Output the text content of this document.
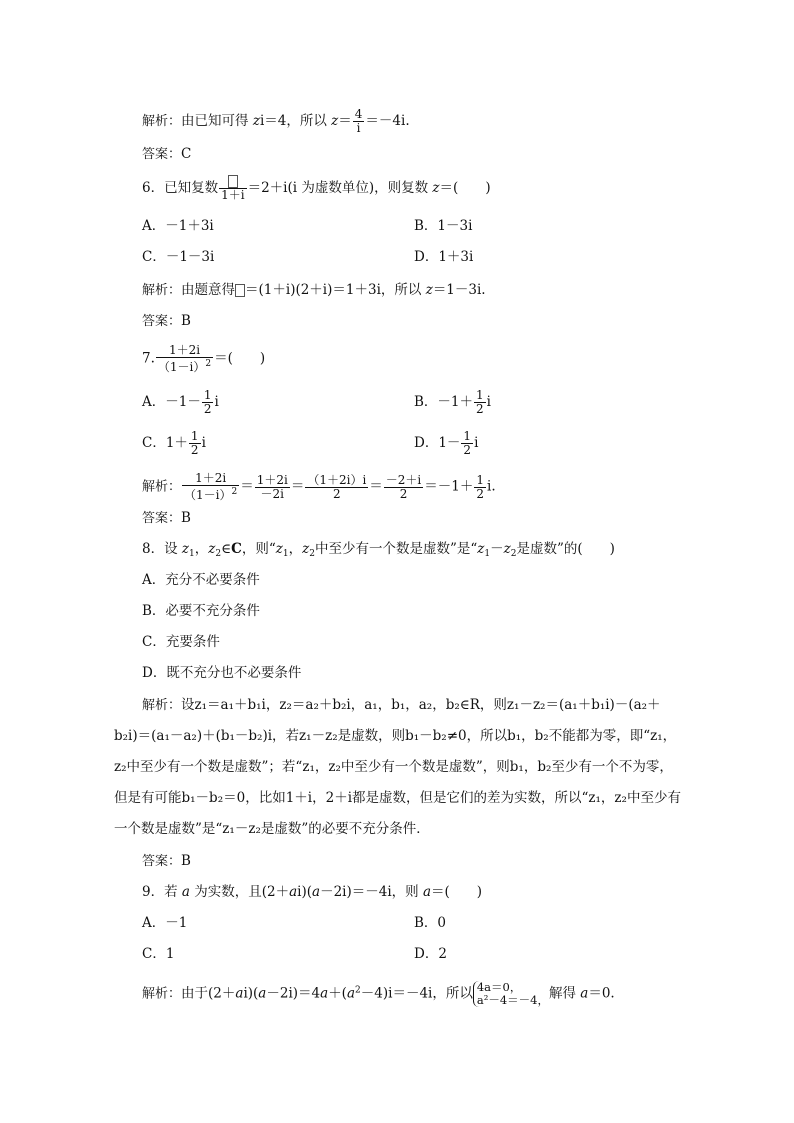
解析：由已知可得 zi＝4，所以 $z= \frac{4}{i} =-4i$.
答案：C
6．已知复数 1＋i ＝2＋i(i 为虚数单位)，则复数 z＝(　　)
A．－1＋3i	B．1－3i
C．－1－3i	D．1＋3i
解析：由题意得 ＝(1＋i)(2＋i)＝1＋3i，所以 z＝1－3i.
答案：B
7. $\frac{1+2i}{(1-i)^2}$ ＝(　　)
A．$-1- \frac{1}{2}$ i	B．$-1+ \frac{1}{2}$ i
C．$1+ \frac{1}{2}$ i	D．$1- \frac{1}{2}$ i
解析： $\frac{1+2i}{(1-i)^2} = \frac{1+2i}{-2i} = \frac{(1+2i)i}{2} = \frac{-2+i}{2} =-1+ \frac{1}{2} i$.
答案：B
8．设 $z_1$，$z_2\in C$，则“$z_1$，$z_2$中至少有一个数是虚数”是“$z_1-z_2$是虚数”的(　　)
A．充分不必要条件
B．必要不充分条件
C．充要条件
D．既不充分也不必要条件
解析：设z₁＝a₁＋b₁i，z₂＝a₂＋b₂i，a₁，b₁，a₂，b₂∈R，则z₁－z₂＝(a₁＋b₁i)－(a₂＋b₂i)＝(a₁－a₂)＋(b₁－b₂)i，若z₁－z₂是虚数，则b₁－b₂≠0，所以b₁，b₂不能都为零，即“z₁，z₂中至少有一个数是虚数”；若“z₁，z₂中至少有一个数是虚数”，则b₁，b₂至少有一个不为零，但是有可能b₁－b₂＝0，比如1＋i，2＋i都是虚数，但是它们的差为实数，所以“z₁，z₂中至少有一个数是虚数”是“z₁－z₂是虚数”的必要不充分条件．
答案：B
9．若 a 为实数，且(2＋ai)(a－2i)＝－4i，则 a＝(　　)
A．－1	B．0
C．1	D．2
解析：由于$(2+ai)(a-2i)=4a+(a^2-4)i=-4i$，所以 4a＝0，
a²－4＝－4， 解得 a＝0.
